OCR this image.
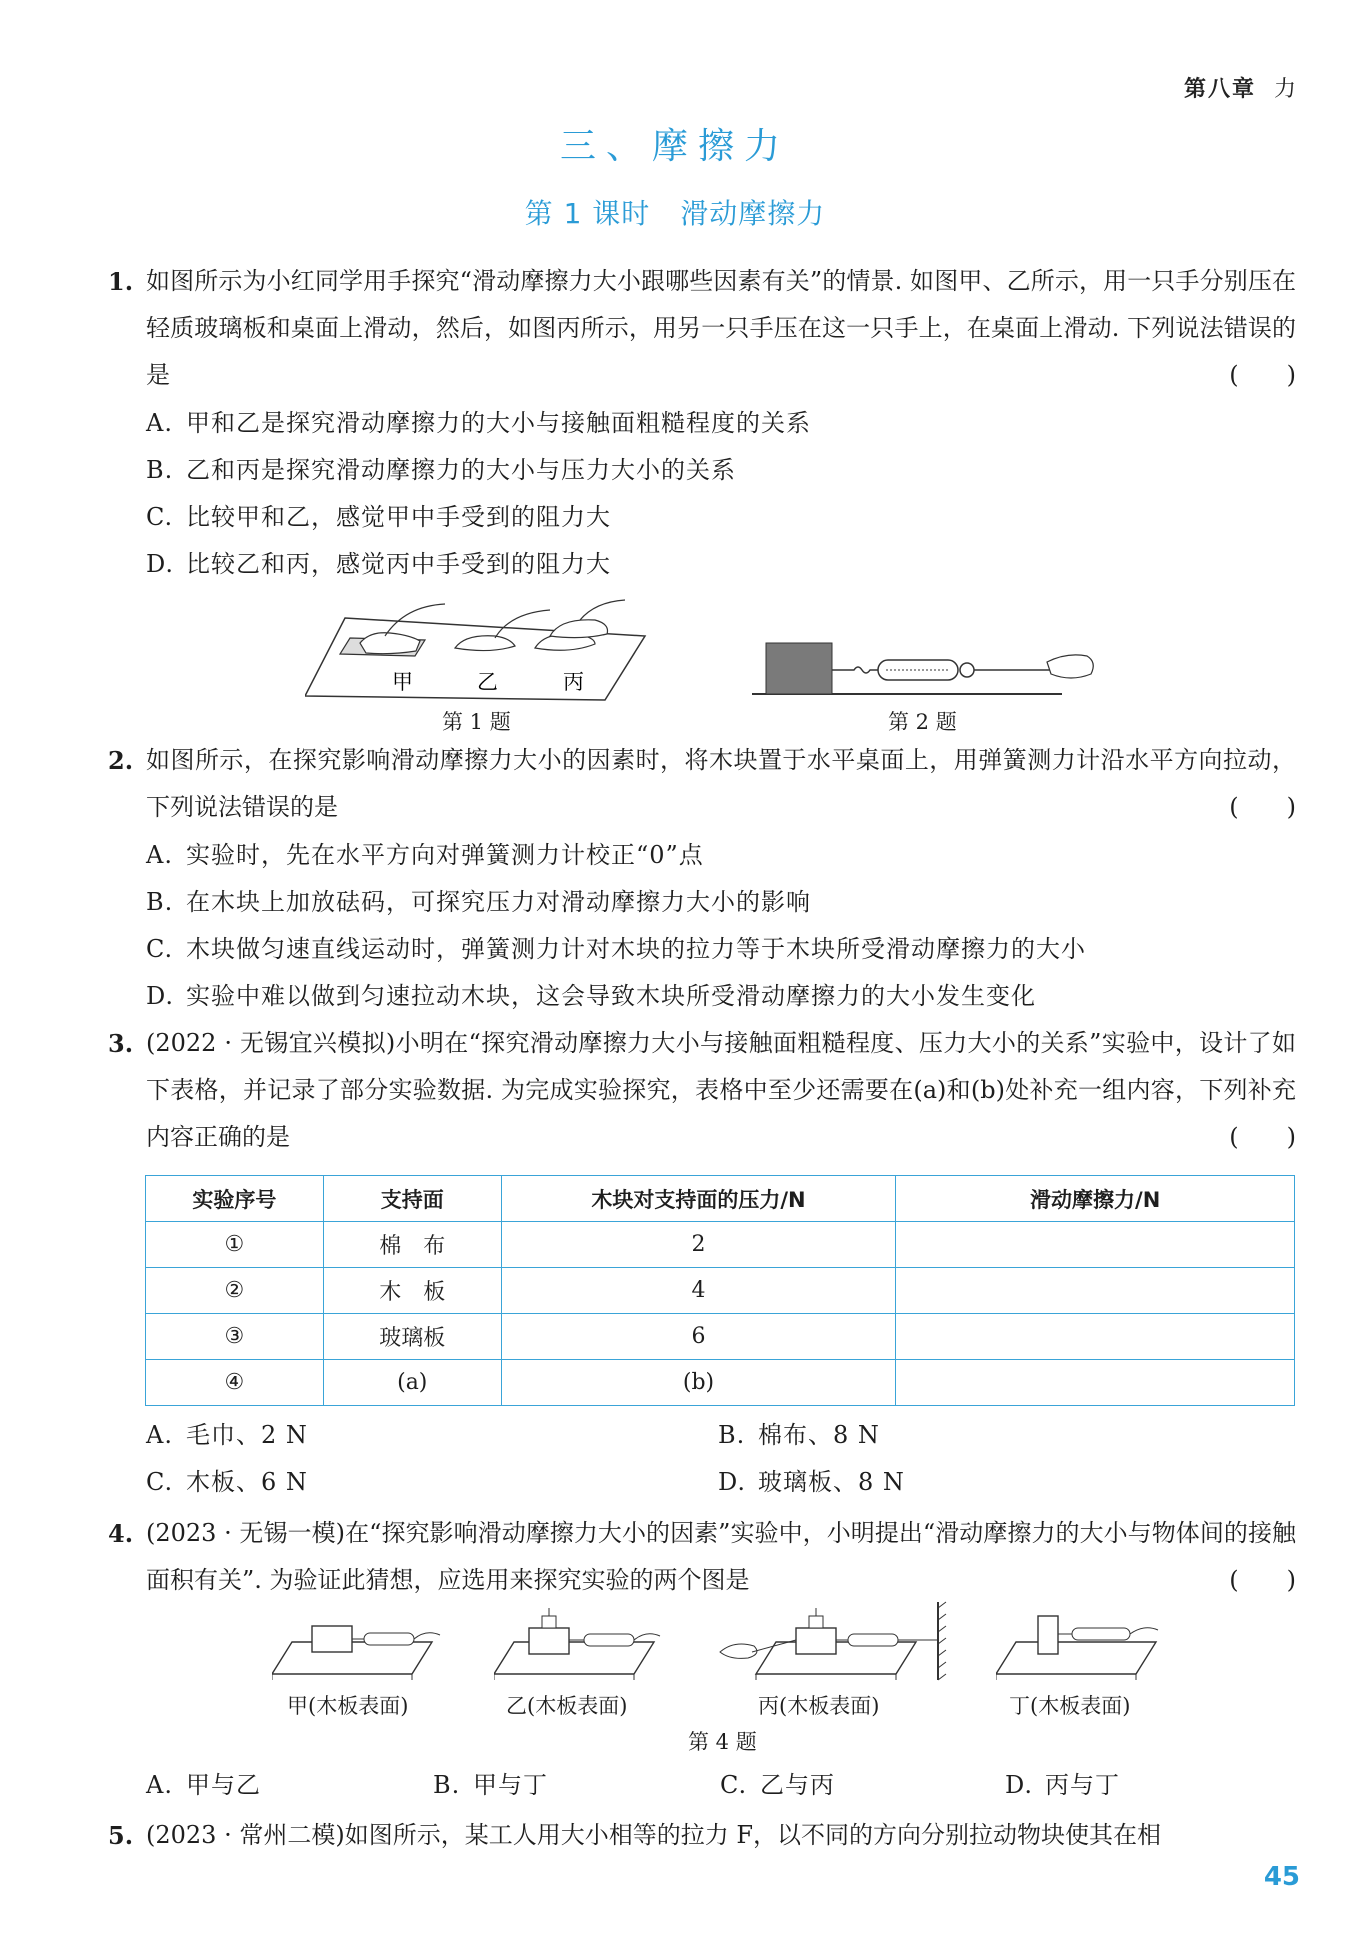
第八章 力
三、摩擦力
第 1 课时 滑动摩擦力
1. 如图所示为小红同学用手探究“滑动摩擦力大小跟哪些因素有关”的情景. 如图甲、乙所示，用一只手分别压在轻质玻璃板和桌面上滑动，然后，如图丙所示，用另一只手压在这一只手上，在桌面上滑动. 下列说法错误的是	(　　)
A. 甲和乙是探究滑动摩擦力的大小与接触面粗糙程度的关系
B. 乙和丙是探究滑动摩擦力的大小与压力大小的关系
C. 比较甲和乙，感觉甲中手受到的阻力大
D. 比较乙和丙，感觉丙中手受到的阻力大
甲	乙	丙
第 1 题	第 2 题
2. 如图所示，在探究影响滑动摩擦力大小的因素时，将木块置于水平桌面上，用弹簧测力计沿水平方向拉动，下列说法错误的是	(　　)
A. 实验时，先在水平方向对弹簧测力计校正“0”点
B. 在木块上加放砝码，可探究压力对滑动摩擦力大小的影响
C. 木块做匀速直线运动时，弹簧测力计对木块的拉力等于木块所受滑动摩擦力的大小
D. 实验中难以做到匀速拉动木块，这会导致木块所受滑动摩擦力的大小发生变化
3. (2022 · 无锡宜兴模拟)小明在“探究滑动摩擦力大小与接触面粗糙程度、压力大小的关系”实验中，设计了如下表格，并记录了部分实验数据. 为完成实验探究，表格中至少还需要在(a)和(b)处补充一组内容，下列补充内容正确的是	(　　)
实验序号	支持面	木块对支持面的压力/N	滑动摩擦力/N
①	棉　布	2	
②	木　板	4	
③	玻璃板	6	
④	(a)	(b)	
A. 毛巾、2 N	B. 棉布、8 N
C. 木板、6 N	D. 玻璃板、8 N
4. (2023 · 无锡一模)在“探究影响滑动摩擦力大小的因素”实验中，小明提出“滑动摩擦力的大小与物体间的接触面积有关”. 为验证此猜想，应选用来探究实验的两个图是	(　　)
甲(木板表面)	乙(木板表面)	丙(木板表面)	丁(木板表面)
第 4 题
A. 甲与乙	B. 甲与丁	C. 乙与丙	D. 丙与丁
5. (2023 · 常州二模)如图所示，某工人用大小相等的拉力 F，以不同的方向分别拉动物块使其在相
45
